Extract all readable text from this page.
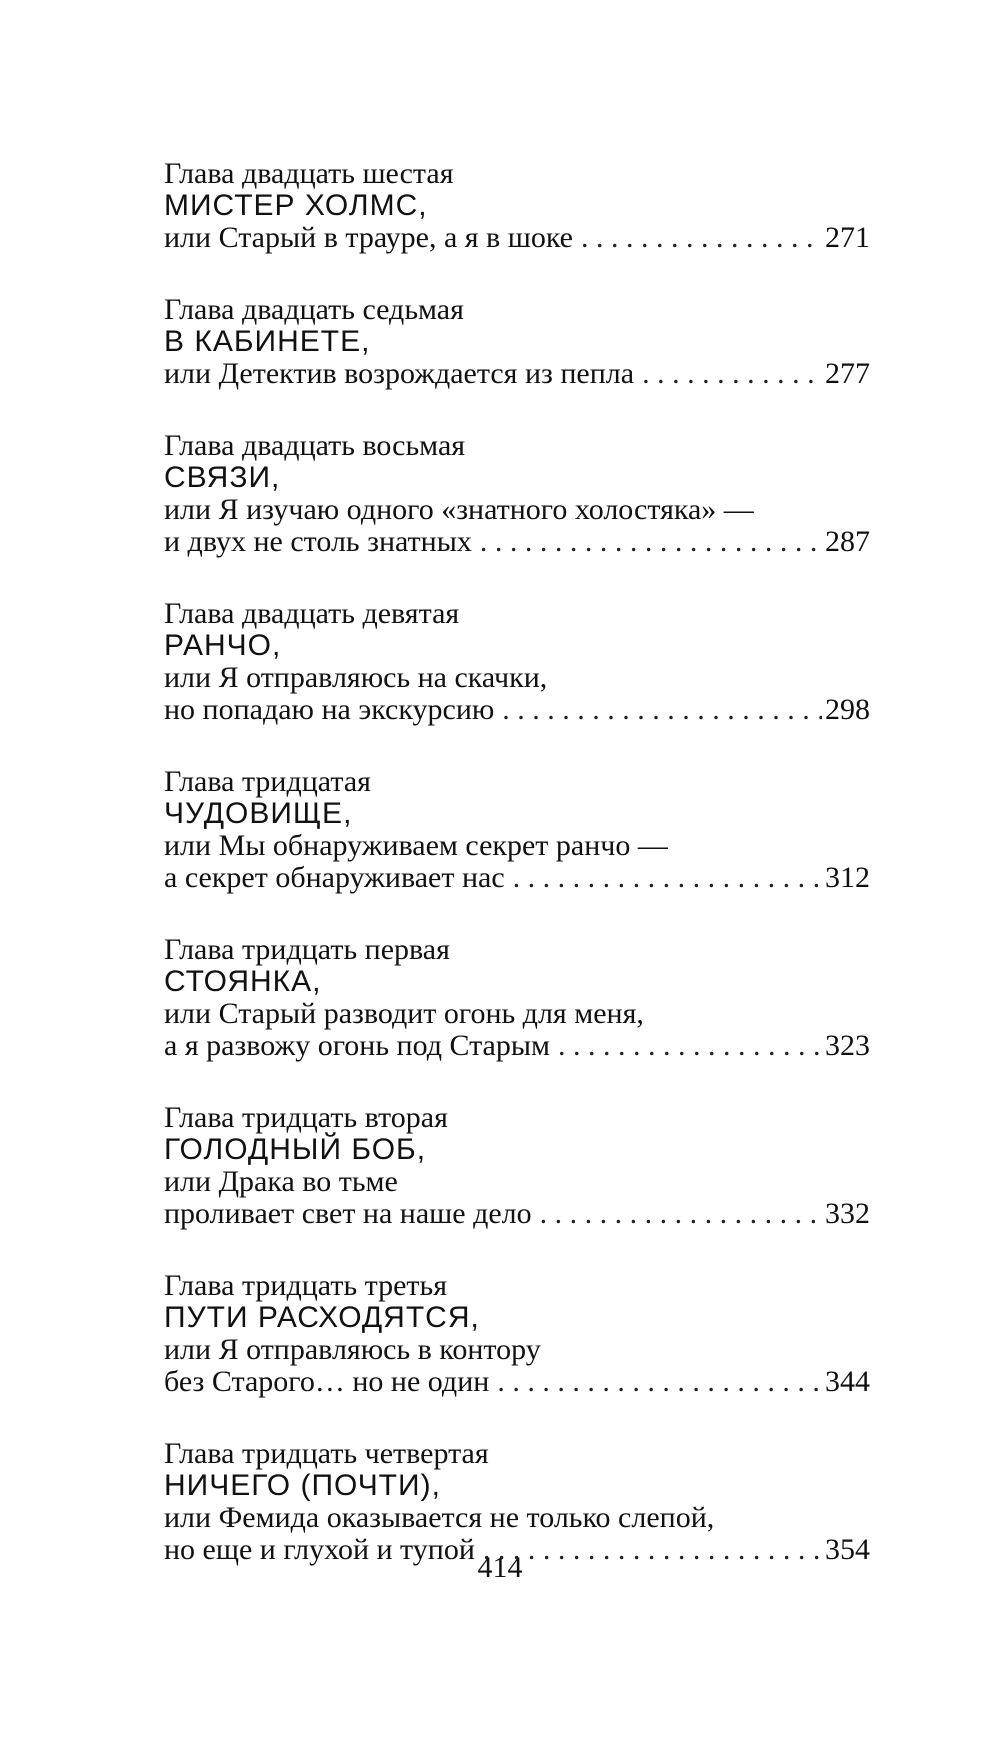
Глава двадцать шестая
МИСТЕР ХОЛМС,
или Старый в трауре, а я в шоке . . .	271
Глава двадцать седьмая
В КАБИНЕТЕ,
или Детектив возрождается из пепла . . .	277
Глава двадцать восьмая
СВЯЗИ,
или Я изучаю одного «знатного холостяка» —
и двух не столь знатных . . .	287
Глава двадцать девятая
РАНЧО,
или Я отправляюсь на скачки,
но попадаю на экскурсию . . .	298
Глава тридцатая
ЧУДОВИЩЕ,
или Мы обнаруживаем секрет ранчо —
а секрет обнаруживает нас . . .	312
Глава тридцать первая
СТОЯНКА,
или Старый разводит огонь для меня,
а я развожу огонь под Старым . . .	323
Глава тридцать вторая
ГОЛОДНЫЙ БОБ,
или Драка во тьме
проливает свет на наше дело . . .	332
Глава тридцать третья
ПУТИ РАСХОДЯТСЯ,
или Я отправляюсь в контору
без Старого… но не один . . .	344
Глава тридцать четвертая
НИЧЕГО (ПОЧТИ),
или Фемида оказывается не только слепой,
но еще и глухой и тупой . . .	354
414
